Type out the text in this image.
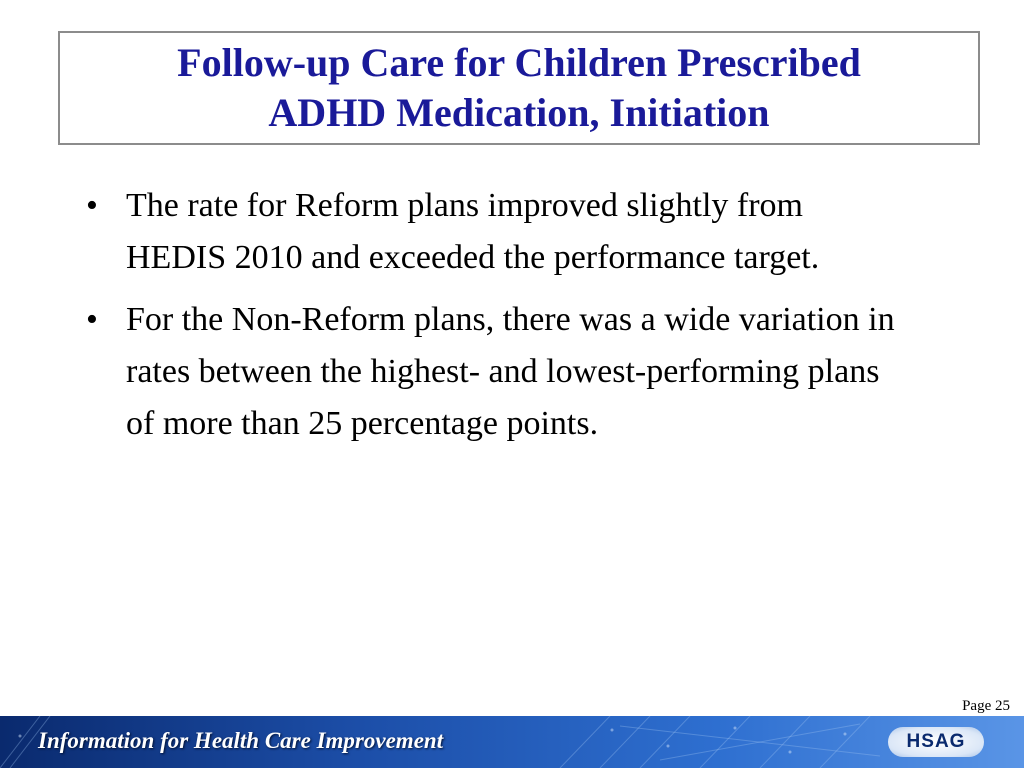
Follow-up Care for Children Prescribed
ADHD Medication, Initiation
• The rate for Reform plans improved slightly from HEDIS 2010 and exceeded the performance target.
• For the Non-Reform plans, there was a wide variation in rates between the highest- and lowest-performing plans of more than 25 percentage points.
Page 25
Information for Health Care Improvement	HSAG
